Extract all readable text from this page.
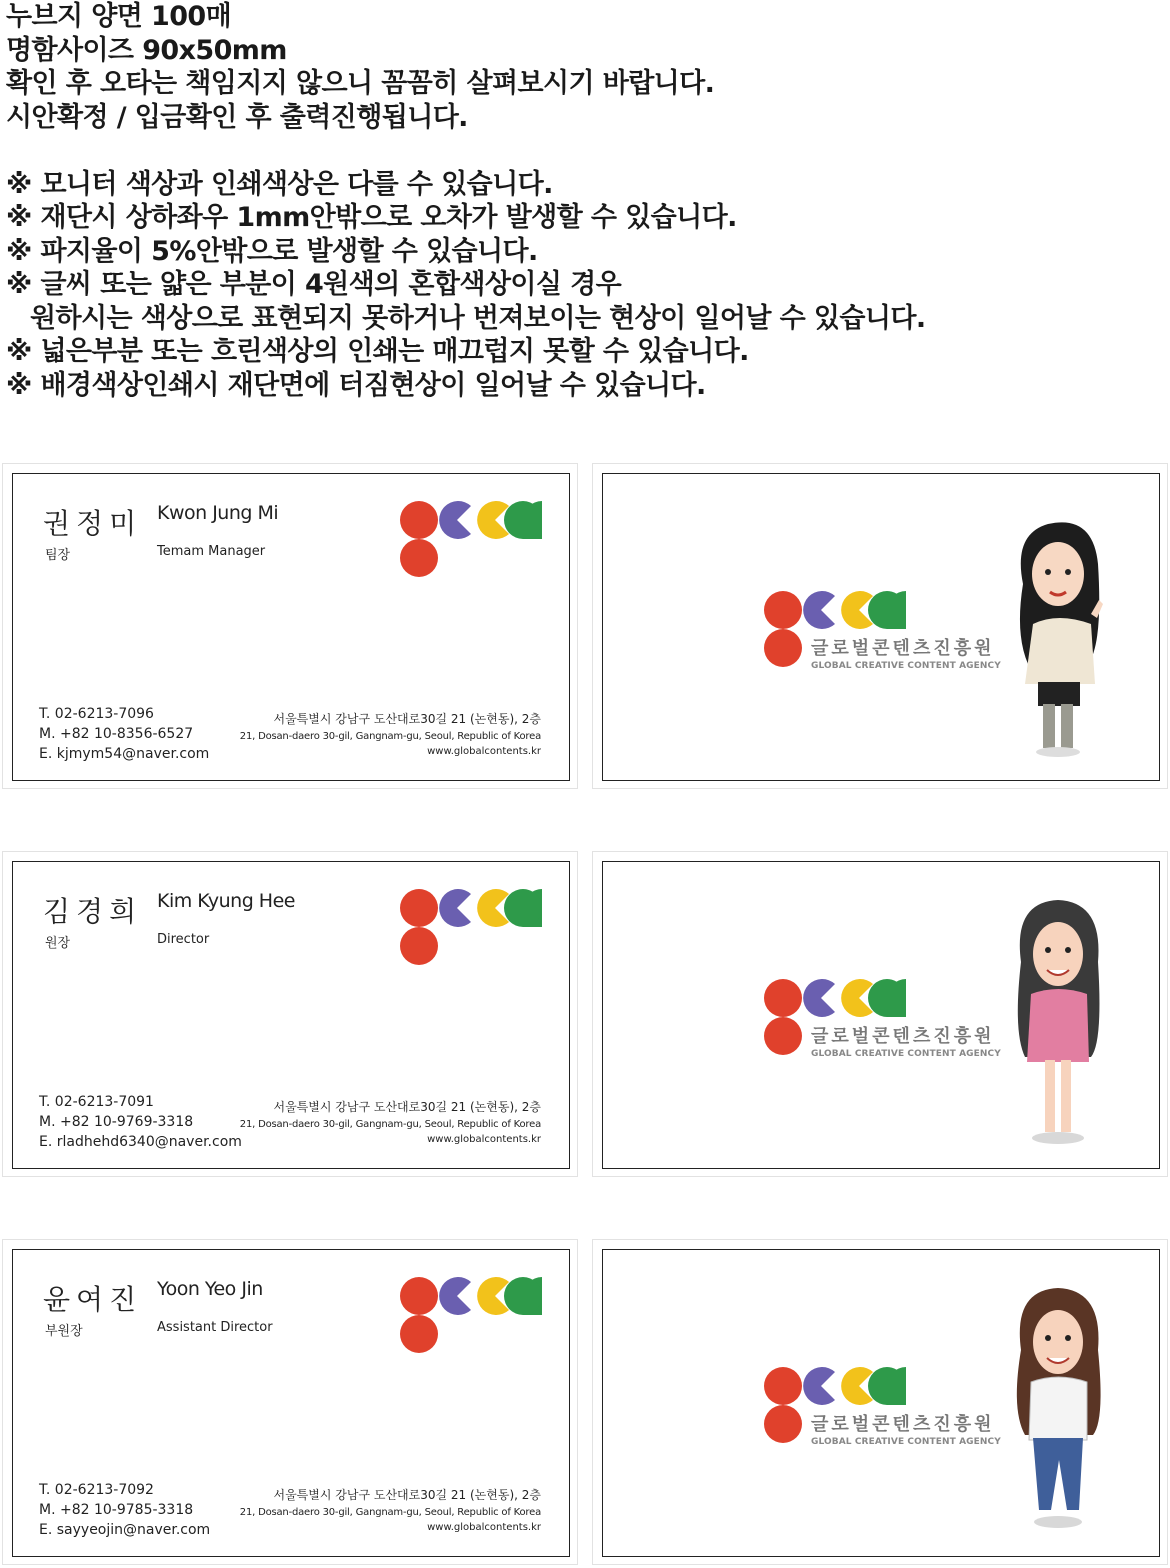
누브지 양면 100매
명함사이즈 90x50mm
확인 후 오타는 책임지지 않으니 꼼꼼히 살펴보시기 바랍니다.
시안확정 / 입금확인 후 출력진행됩니다.
※ 모니터 색상과 인쇄색상은 다를 수 있습니다.
※ 재단시 상하좌우 1mm안밖으로 오차가 발생할 수 있습니다.
※ 파지율이 5%안밖으로 발생할 수 있습니다.
※ 글씨 또는 얇은 부분이 4원색의 혼합색상이실 경우
원하시는 색상으로 표현되지 못하거나 번져보이는 현상이 일어날 수 있습니다.
※ 넓은부분 또는 흐린색상의 인쇄는 매끄럽지 못할 수 있습니다.
※ 배경색상인쇄시 재단면에 터짐현상이 일어날 수 있습니다.
권정미
팀장
Kwon Jung Mi
Temam Manager
T. 02-6213-7096
M. +82 10-8356-6527
E. kjmym54@naver.com
서울특별시 강남구 도산대로30길 21 (논현동), 2층
21, Dosan-daero 30-gil, Gangnam-gu, Seoul, Republic of Korea
www.globalcontents.kr
글로벌콘텐츠진흥원
GLOBAL CREATIVE CONTENT AGENCY
김경희
원장
Kim Kyung Hee
Director
T. 02-6213-7091
M. +82 10-9769-3318
E. rladhehd6340@naver.com
서울특별시 강남구 도산대로30길 21 (논현동), 2층
21, Dosan-daero 30-gil, Gangnam-gu, Seoul, Republic of Korea
www.globalcontents.kr
글로벌콘텐츠진흥원
GLOBAL CREATIVE CONTENT AGENCY
윤여진
부원장
Yoon Yeo Jin
Assistant Director
T. 02-6213-7092
M. +82 10-9785-3318
E. sayyeojin@naver.com
서울특별시 강남구 도산대로30길 21 (논현동), 2층
21, Dosan-daero 30-gil, Gangnam-gu, Seoul, Republic of Korea
www.globalcontents.kr
글로벌콘텐츠진흥원
GLOBAL CREATIVE CONTENT AGENCY
